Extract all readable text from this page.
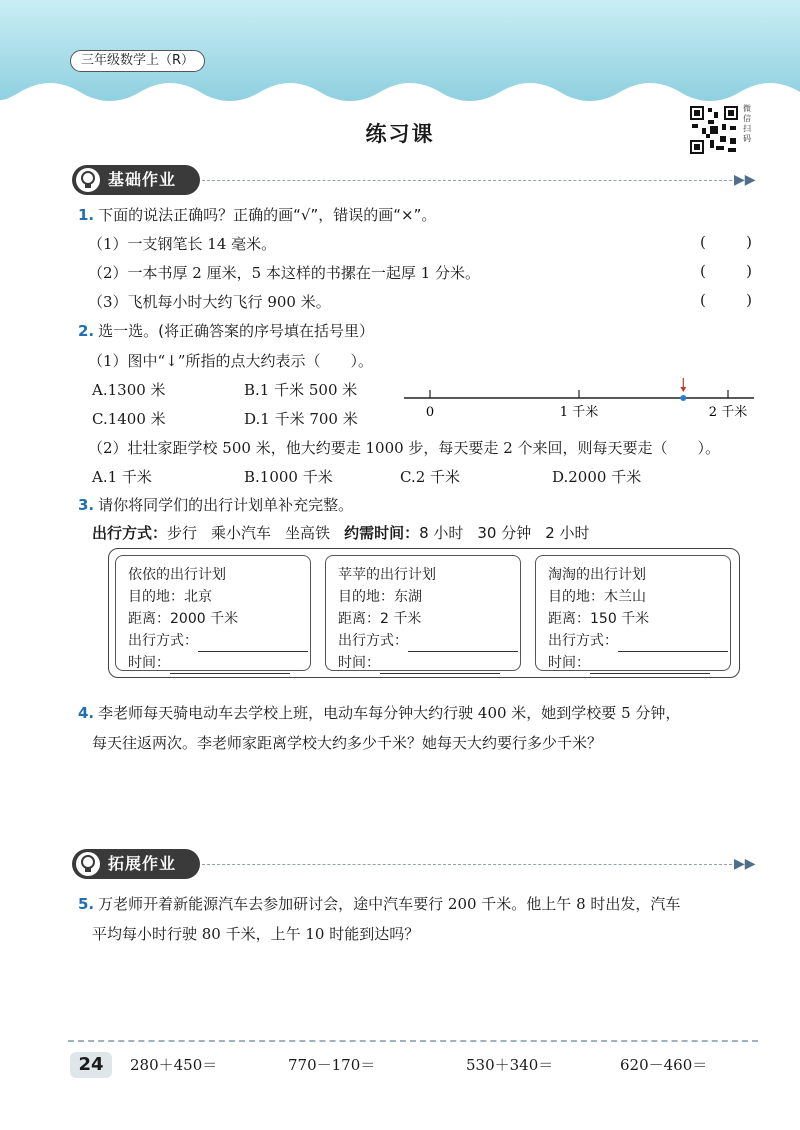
三年级数学上（R）
练习课
微信扫码
基础作业	▶▶
1. 下面的说法正确吗？正确的画“√”，错误的画“×”。
（1）一支钢笔长 14 毫米。	(	)
（2）一本书厚 2 厘米，5 本这样的书摞在一起厚 1 分米。	(	)
（3）飞机每小时大约飞行 900 米。	(	)
2. 选一选。(将正确答案的序号填在括号里）
（1）图中“↓”所指的点大约表示（　　）。
A.1300 米	B.1 千米 500 米
C.1400 米	D.1 千米 700 米	0	1 千米	2 千米
（2）壮壮家距学校 500 米，他大约要走 1000 步，每天要走 2 个来回，则每天要走（　　）。
A.1 千米	B.1000 千米	C.2 千米	D.2000 千米
3. 请你将同学们的出行计划单补充完整。
出行方式：步行 乘小汽车 坐高铁 约需时间：8 小时 30 分钟 2 小时
依依的出行计划
目的地：北京
距离：2000 千米
出行方式：
时间：
苹苹的出行计划
目的地：东湖
距离：2 千米
出行方式：
时间：
淘淘的出行计划
目的地：木兰山
距离：150 千米
出行方式：
时间：
4. 李老师每天骑电动车去学校上班，电动车每分钟大约行驶 400 米，她到学校要 5 分钟，
每天往返两次。李老师家距离学校大约多少千米？她每天大约要行多少千米？
拓展作业	▶▶
5. 万老师开着新能源汽车去参加研讨会，途中汽车要行 200 千米。他上午 8 时出发，汽车
平均每小时行驶 80 千米，上午 10 时能到达吗？
24	280＋450＝	770－170＝	530＋340＝	620－460＝
